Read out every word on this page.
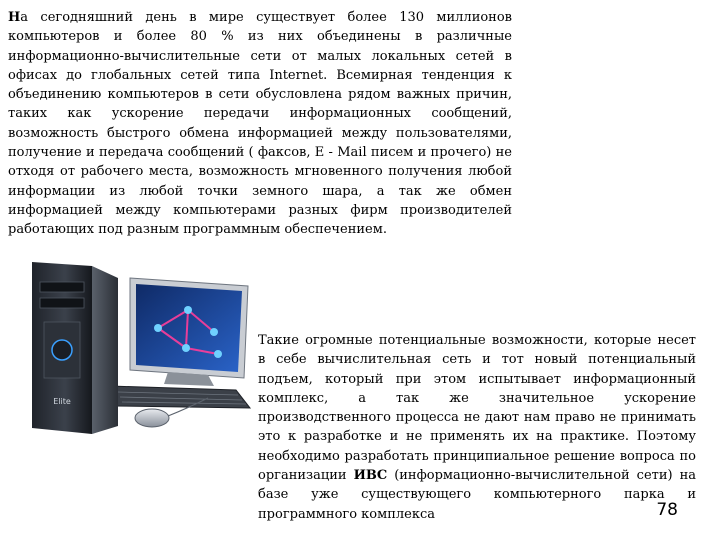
На сегодняшний день в мире существует более 130 миллионов компьютеров и более 80 % из них объединены в различные информационно-вычислительные сети от малых локальных сетей в офисах до глобальных сетей типа Internet. Всемирная тенденция к объединению компьютеров в сети обусловлена рядом важных причин, таких как ускорение передачи информационных сообщений, возможность быстрого обмена информацией между пользователями, получение и передача сообщений ( факсов, Е - Mail писем и прочего) не отходя от рабочего места, возможность мгновенного получения любой информации из любой точки земного шара, а так же обмен информацией между компьютерами разных фирм производителей работающих под разным программным обеспечением.

Elite

Такие огромные потенциальные возможности, которые несет в себе вычислительная сеть и тот новый потенциальный подъем, который при этом испытывает информационный комплекс, а так же значительное ускорение производственного процесса не дают нам право не принимать это к разработке и не применять их на практике. Поэтому необходимо разработать принципиальное решение вопроса по организации ИВС (информационно-вычислительной сети) на базе уже существующего компьютерного парка и программного комплекса	78
